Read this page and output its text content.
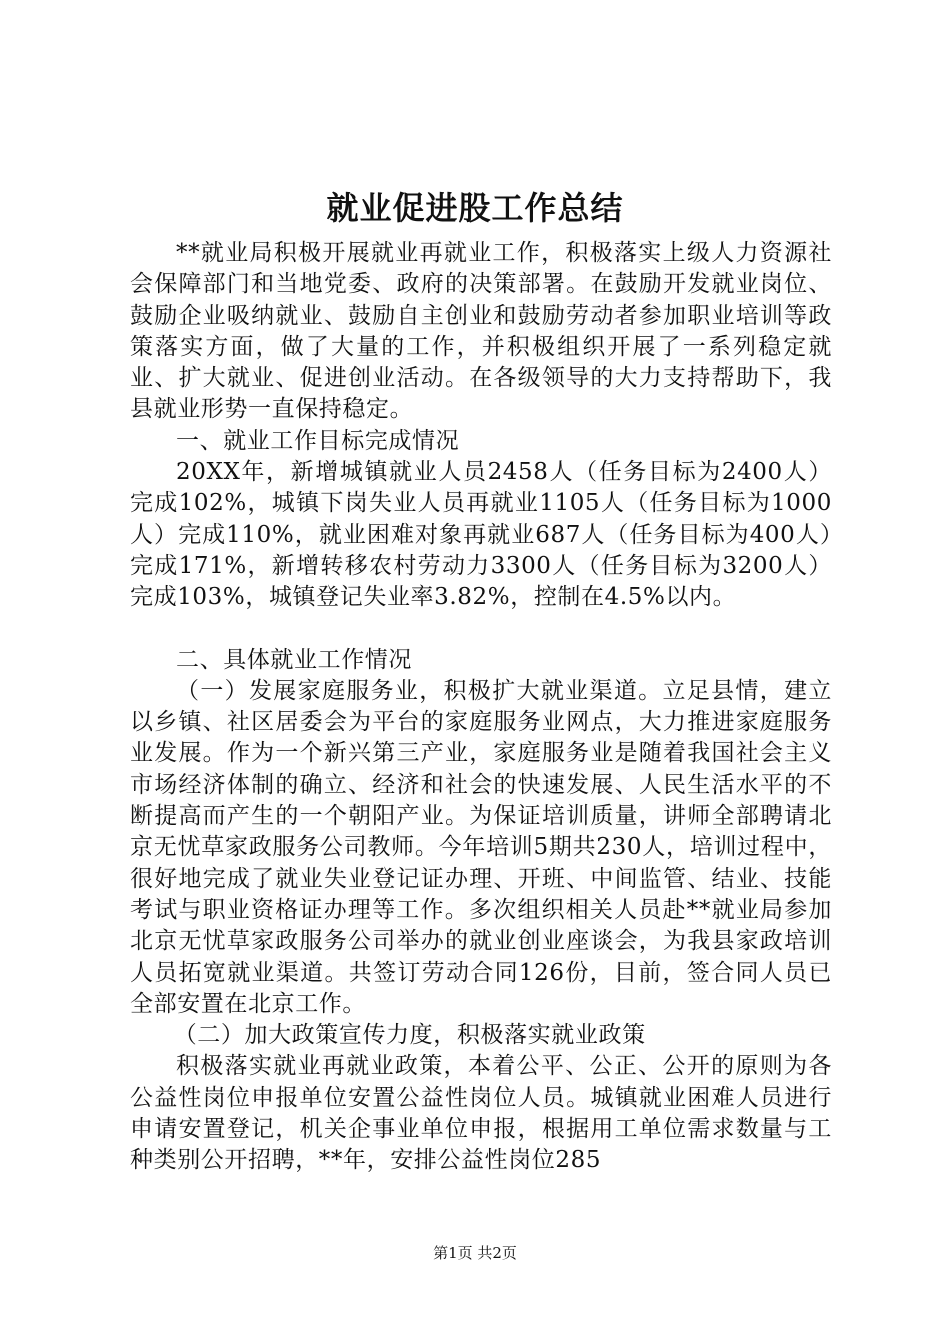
就业促进股工作总结

**就业局积极开展就业再就业工作，积极落实上级人力资源社会保障部门和当地党委、政府的决策部署。在鼓励开发就业岗位、鼓励企业吸纳就业、鼓励自主创业和鼓励劳动者参加职业培训等政策落实方面，做了大量的工作，并积极组织开展了一系列稳定就业、扩大就业、促进创业活动。在各级领导的大力支持帮助下，我县就业形势一直保持稳定。

一、就业工作目标完成情况

20XX年，新增城镇就业人员2458人（任务目标为2400人）完成102%，城镇下岗失业人员再就业1105人（任务目标为1000人）完成110%，就业困难对象再就业687人（任务目标为400人）完成171%，新增转移农村劳动力3300人（任务目标为3200人）完成103%，城镇登记失业率3.82%，控制在4.5%以内。

二、具体就业工作情况

（一）发展家庭服务业，积极扩大就业渠道。立足县情，建立以乡镇、社区居委会为平台的家庭服务业网点，大力推进家庭服务业发展。作为一个新兴第三产业，家庭服务业是随着我国社会主义市场经济体制的确立、经济和社会的快速发展、人民生活水平的不断提高而产生的一个朝阳产业。为保证培训质量，讲师全部聘请北京无忧草家政服务公司教师。今年培训5期共230人，培训过程中，很好地完成了就业失业登记证办理、开班、中间监管、结业、技能考试与职业资格证办理等工作。多次组织相关人员赴**就业局参加北京无忧草家政服务公司举办的就业创业座谈会，为我县家政培训人员拓宽就业渠道。共签订劳动合同126份，目前，签合同人员已全部安置在北京工作。

（二）加大政策宣传力度，积极落实就业政策

积极落实就业再就业政策，本着公平、公正、公开的原则为各公益性岗位申报单位安置公益性岗位人员。城镇就业困难人员进行申请安置登记，机关企事业单位申报，根据用工单位需求数量与工种类别公开招聘，**年，安排公益性岗位285

第1页 共2页
